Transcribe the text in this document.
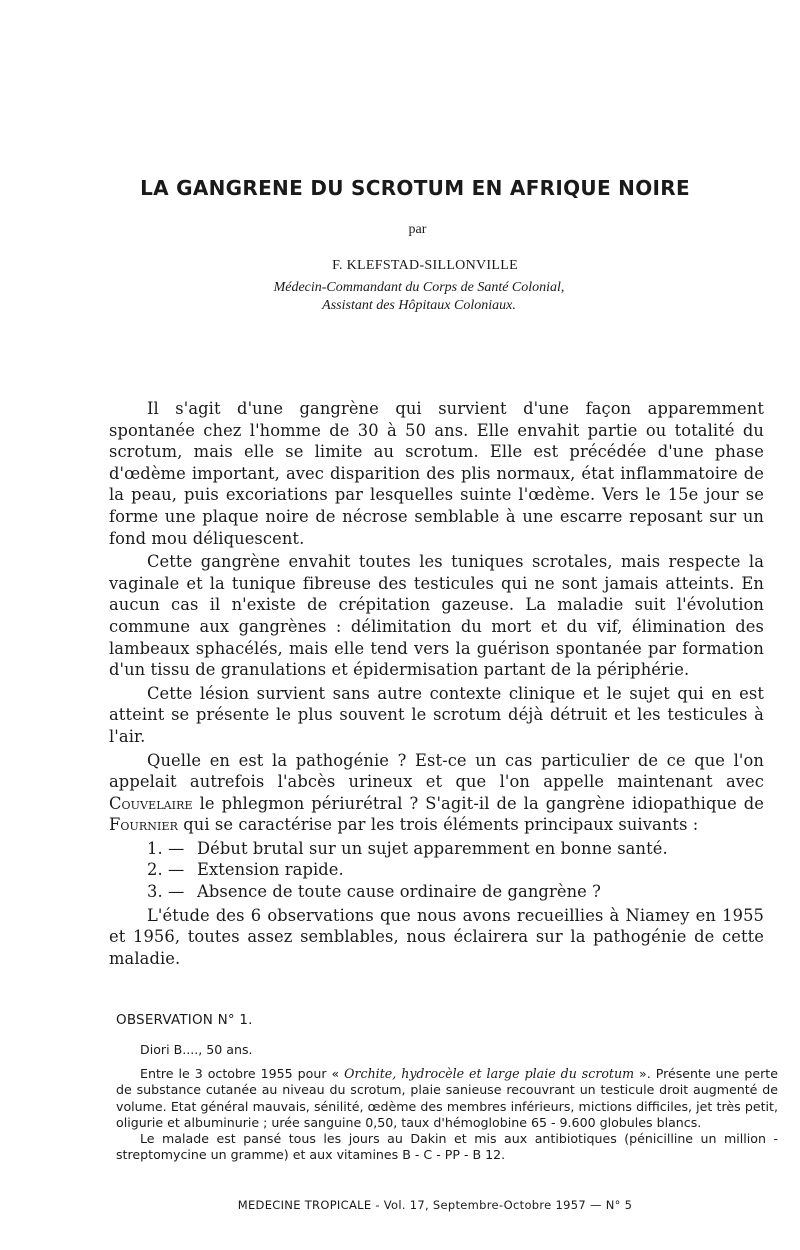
LA GANGRENE DU SCROTUM EN AFRIQUE NOIRE
par
F. KLEFSTAD-SILLONVILLE
Médecin-Commandant du Corps de Santé Colonial,
Assistant des Hôpitaux Coloniaux.

Il s'agit d'une gangrène qui survient d'une façon apparemment spontanée chez l'homme de 30 à 50 ans. Elle envahit partie ou totalité du scrotum, mais elle se limite au scrotum. Elle est précédée d'une phase d'œdème important, avec disparition des plis normaux, état inflammatoire de la peau, puis excoriations par lesquelles suinte l'œdème. Vers le 15e jour se forme une plaque noire de nécrose semblable à une escarre reposant sur un fond mou déliquescent.

Cette gangrène envahit toutes les tuniques scrotales, mais respecte la vaginale et la tunique fibreuse des testicules qui ne sont jamais atteints. En aucun cas il n'existe de crépitation gazeuse. La maladie suit l'évolution commune aux gangrènes : délimitation du mort et du vif, élimination des lambeaux sphacélés, mais elle tend vers la guérison spontanée par formation d'un tissu de granulations et épidermisation partant de la périphérie.

Cette lésion survient sans autre contexte clinique et le sujet qui en est atteint se présente le plus souvent le scrotum déjà détruit et les testicules à l'air.

Quelle en est la pathogénie ? Est-ce un cas particulier de ce que l'on appelait autrefois l'abcès urineux et que l'on appelle maintenant avec Couvelaire le phlegmon périurétral ? S'agit-il de la gangrène idiopathique de Fournier qui se caractérise par les trois éléments principaux suivants :

1. — Début brutal sur un sujet apparemment en bonne santé.
2. — Extension rapide.
3. — Absence de toute cause ordinaire de gangrène ?

L'étude des 6 observations que nous avons recueillies à Niamey en 1955 et 1956, toutes assez semblables, nous éclairera sur la pathogénie de cette maladie.

OBSERVATION N° 1.

Diori B...., 50 ans.

Entre le 3 octobre 1955 pour « Orchite, hydrocèle et large plaie du scrotum ». Présente une perte de substance cutanée au niveau du scrotum, plaie sanieuse recouvrant un testicule droit augmenté de volume. Etat général mauvais, sénilité, œdème des membres inférieurs, mictions difficiles, jet très petit, oligurie et albuminurie ; urée sanguine 0,50, taux d'hémoglobine 65 - 9.600 globules blancs.

Le malade est pansé tous les jours au Dakin et mis aux antibiotiques (pénicilline un million - streptomycine un gramme) et aux vitamines B - C - PP - B 12.

MEDECINE TROPICALE - Vol. 17, Septembre-Octobre 1957 — N° 5
